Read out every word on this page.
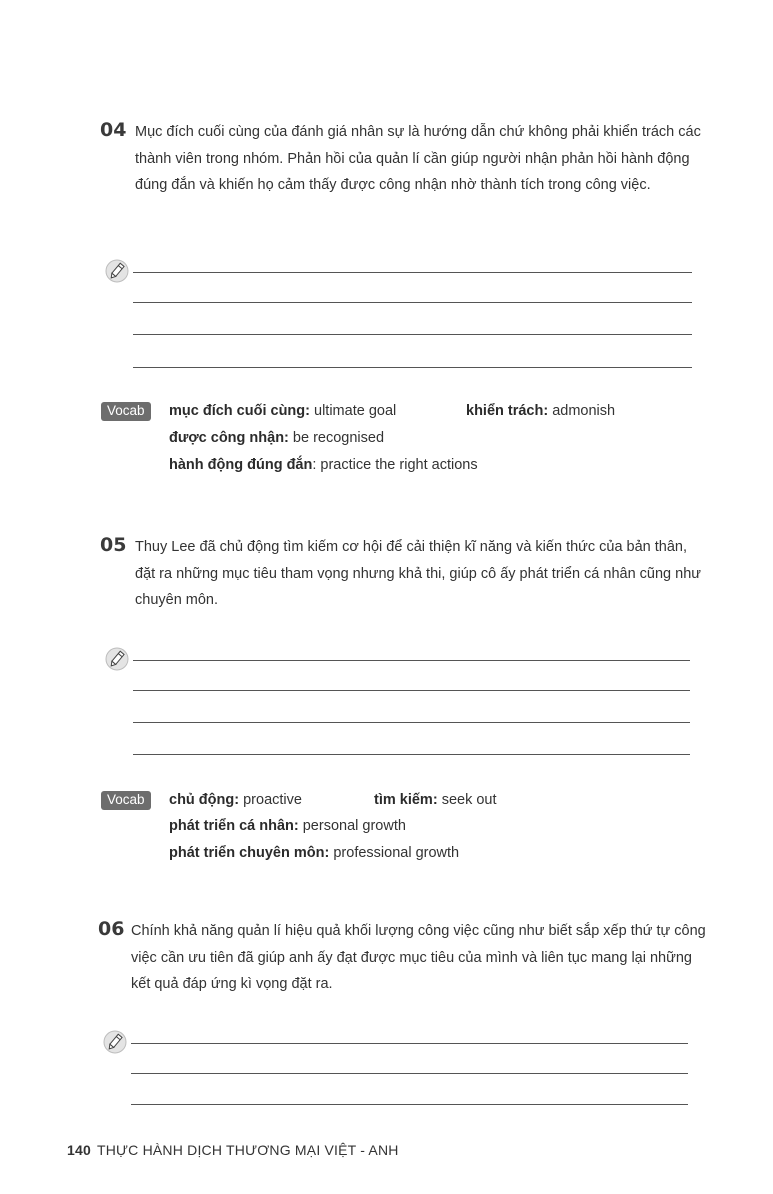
04 Mục đích cuối cùng của đánh giá nhân sự là hướng dẫn chứ không phải khiển trách các thành viên trong nhóm. Phản hồi của quản lí cần giúp người nhận phản hồi hành động đúng đắn và khiến họ cảm thấy được công nhận nhờ thành tích trong công việc.
Vocab	mục đích cuối cùng: ultimate goal	khiển trách: admonish
được công nhận: be recognised
hành động đúng đắn: practice the right actions
05 Thuy Lee đã chủ động tìm kiếm cơ hội để cải thiện kĩ năng và kiến thức của bản thân, đặt ra những mục tiêu tham vọng nhưng khả thi, giúp cô ấy phát triển cá nhân cũng như chuyên môn.
Vocab	chủ động: proactive	tìm kiếm: seek out
phát triển cá nhân: personal growth
phát triển chuyên môn: professional growth
06 Chính khả năng quản lí hiệu quả khối lượng công việc cũng như biết sắp xếp thứ tự công việc cần ưu tiên đã giúp anh ấy đạt được mục tiêu của mình và liên tục mang lại những kết quả đáp ứng kì vọng đặt ra.
140 THỰC HÀNH DỊCH THƯƠNG MẠI VIỆT - ANH
